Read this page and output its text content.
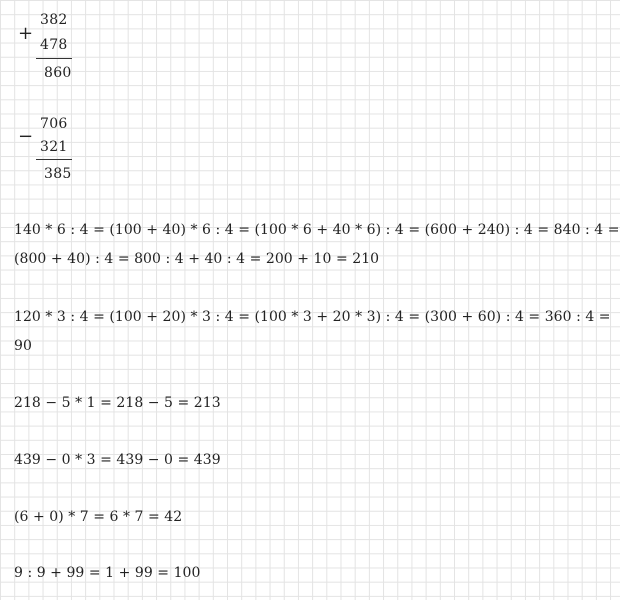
+
382
478
860
−
706
321
385
140 * 6 : 4 = (100 + 40) * 6 : 4 = (100 * 6 + 40 * 6) : 4 = (600 + 240) : 4 = 840 : 4 =
(800 + 40) : 4 = 800 : 4 + 40 : 4 = 200 + 10 = 210
120 * 3 : 4 = (100 + 20) * 3 : 4 = (100 * 3 + 20 * 3) : 4 = (300 + 60) : 4 = 360 : 4 =
90
218 − 5 * 1 = 218 − 5 = 213
439 − 0 * 3 = 439 − 0 = 439
(6 + 0) * 7 = 6 * 7 = 42
9 : 9 + 99 = 1 + 99 = 100
